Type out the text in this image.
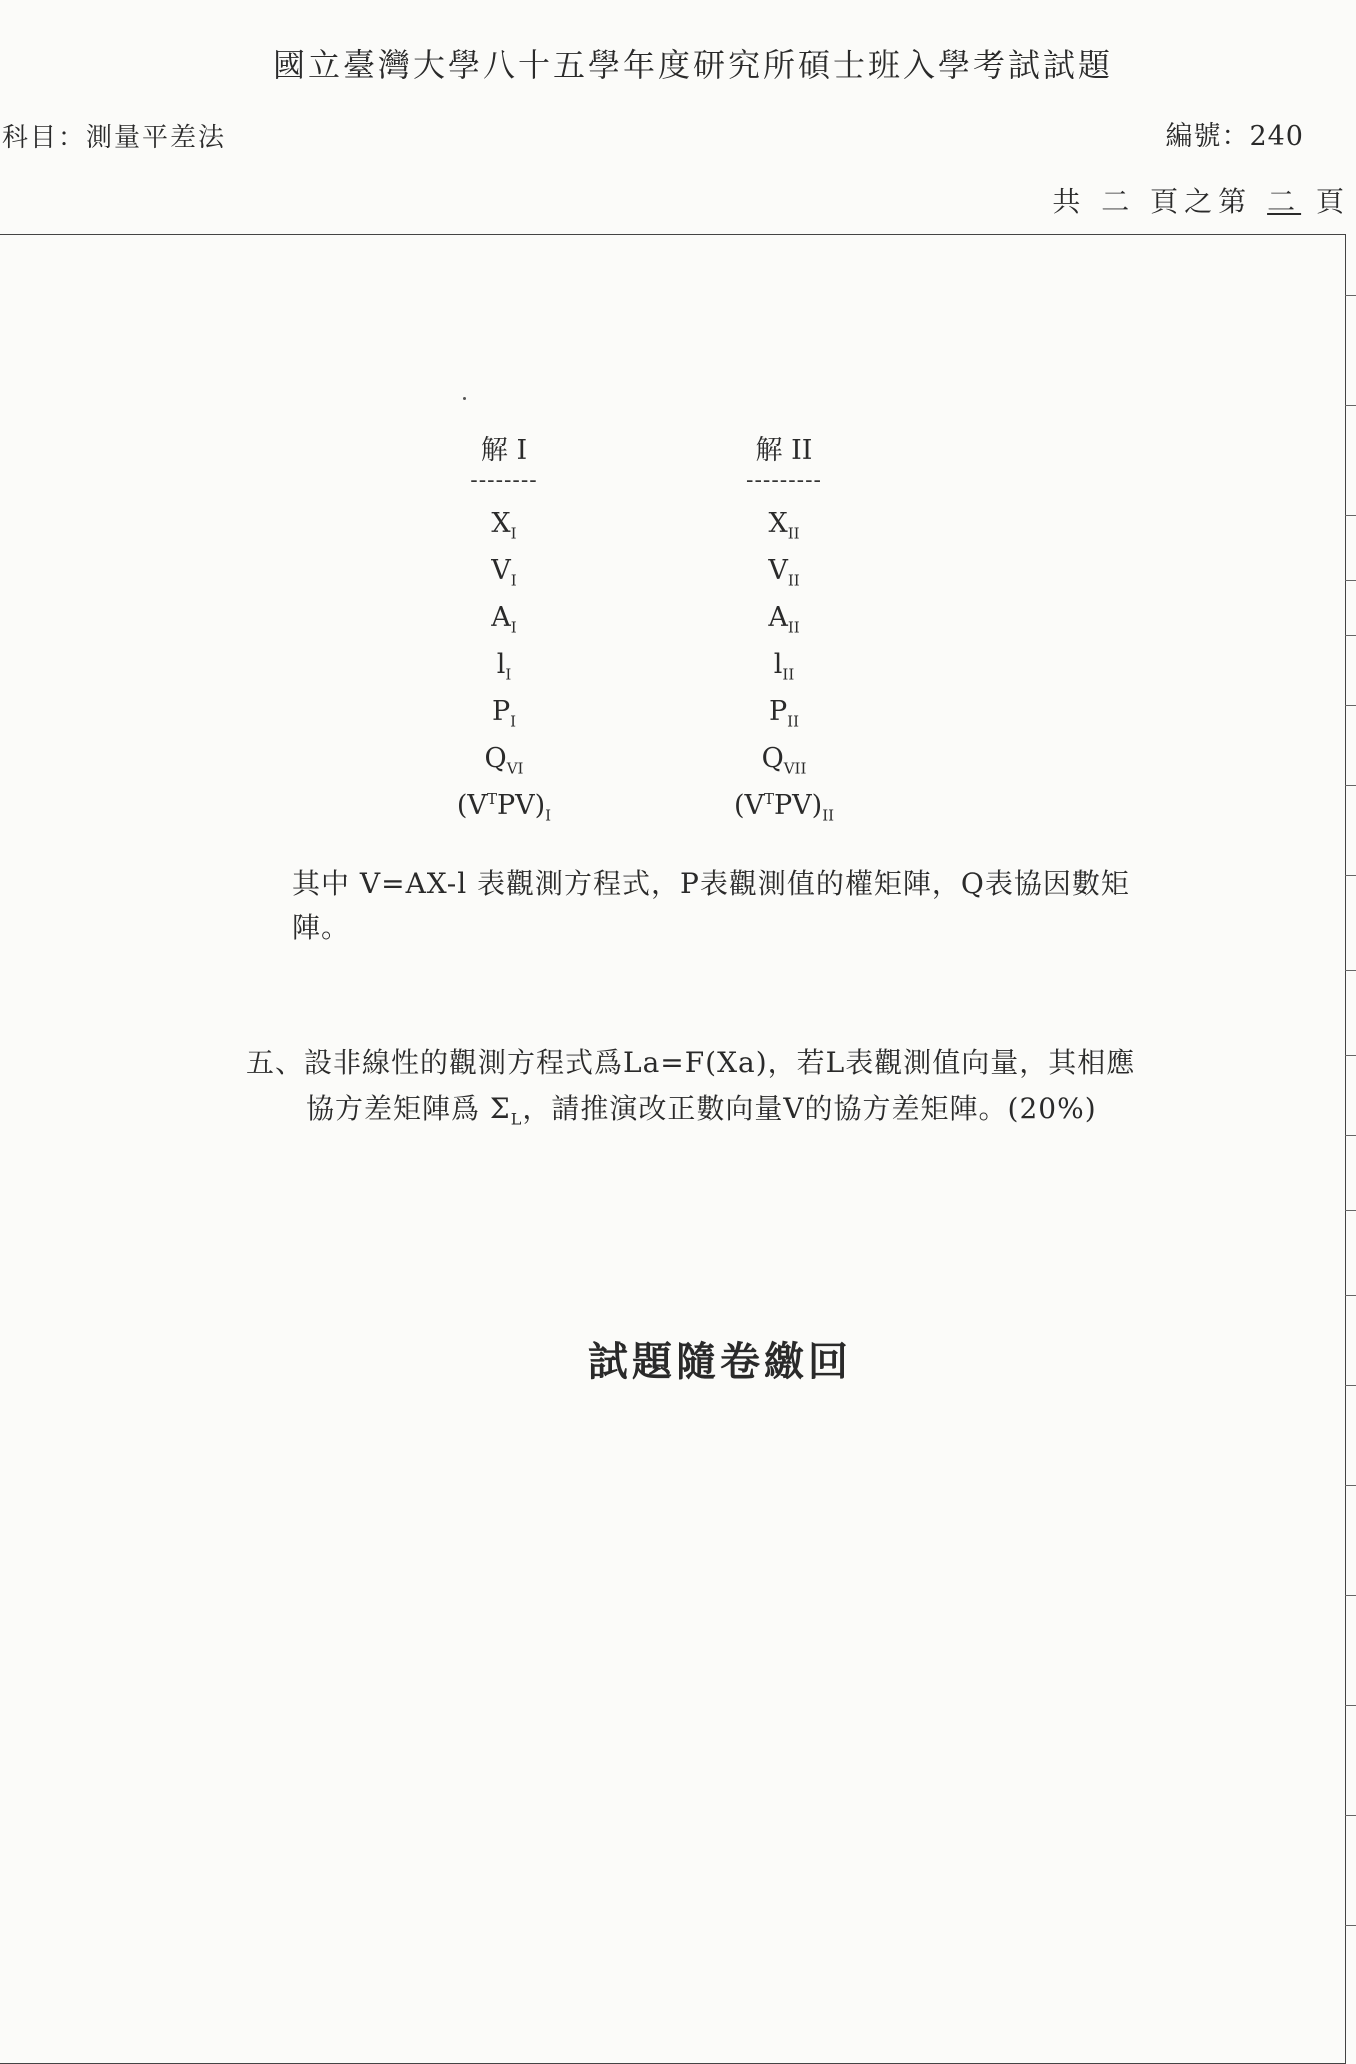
國立臺灣大學八十五學年度研究所碩士班入學考試試題
科目：測量平差法	編號：240
共 二 頁之第 二 頁
解 I
--------
$X_I$
$V_I$
$A_I$
$l_I$
$P_I$
$Q_{VI}$
$(V^TPV)_I$
解 II
---------
$X_{II}$
$V_{II}$
$A_{II}$
$l_{II}$
$P_{II}$
$Q_{VII}$
$(V^TPV)_{II}$
其中 V=AX-l 表觀測方程式，P表觀測值的權矩陣，Q表協因數矩
陣。
五、設非線性的觀測方程式爲La=F(Xa)，若L表觀測值向量，其相應
協方差矩陣爲 $\Sigma_L$，請推演改正數向量V的協方差矩陣。(20%)
試題隨卷繳回
